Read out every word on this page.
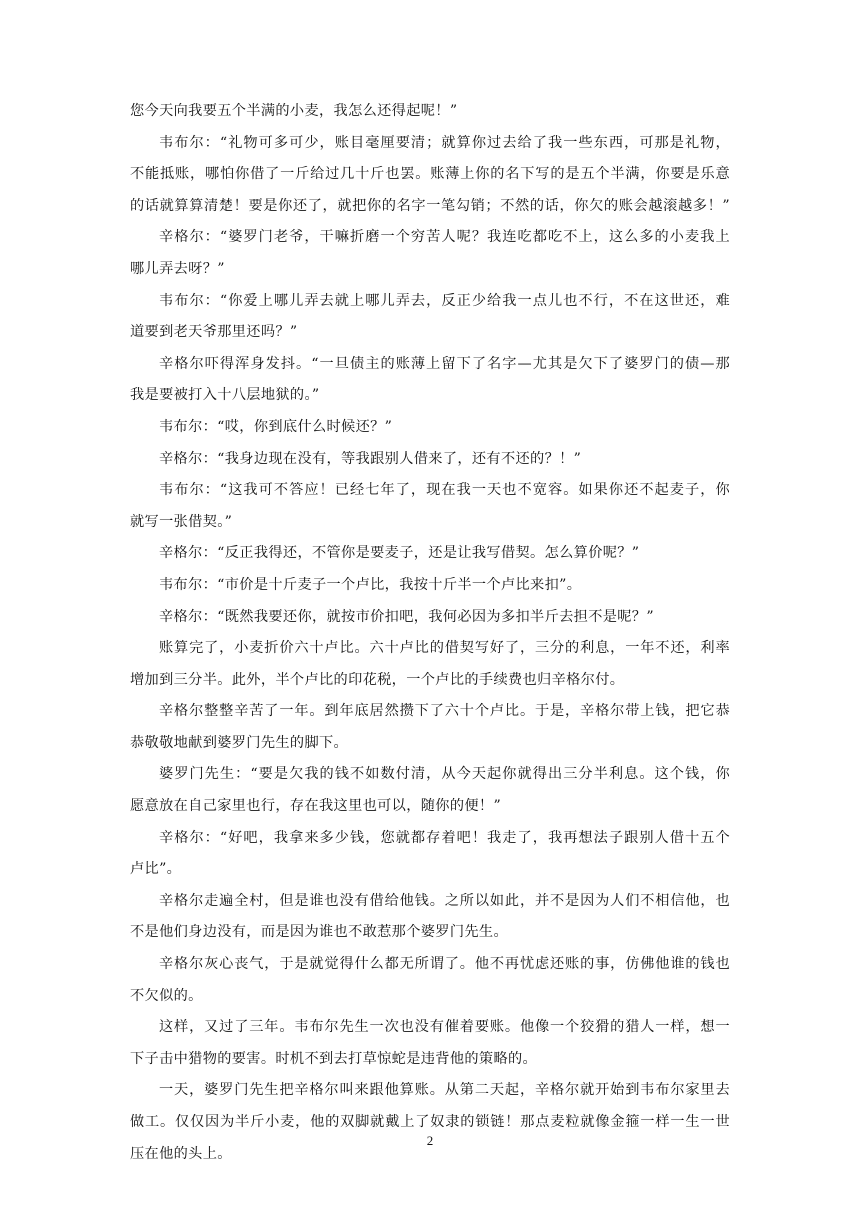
您今天向我要五个半满的小麦，我怎么还得起呢！”

韦布尔：“礼物可多可少，账目毫厘要清；就算你过去给了我一些东西，可那是礼物，

不能抵账，哪怕你借了一斤给过几十斤也罢。账薄上你的名下写的是五个半满，你要是乐意

的话就算算清楚！要是你还了，就把你的名字一笔勾销；不然的话，你欠的账会越滚越多！”

辛格尔：“婆罗门老爷，干嘛折磨一个穷苦人呢？我连吃都吃不上，这么多的小麦我上

哪儿弄去呀？”

韦布尔：“你爱上哪儿弄去就上哪儿弄去，反正少给我一点儿也不行，不在这世还，难

道要到老天爷那里还吗？”

辛格尔吓得浑身发抖。“一旦债主的账薄上留下了名字—尤其是欠下了婆罗门的债—那

我是要被打入十八层地狱的。”

韦布尔：“哎，你到底什么时候还？”

辛格尔：“我身边现在没有，等我跟别人借来了，还有不还的？！”

韦布尔：“这我可不答应！已经七年了，现在我一天也不宽容。如果你还不起麦子，你

就写一张借契。”

辛格尔：“反正我得还，不管你是要麦子，还是让我写借契。怎么算价呢？”

韦布尔：“市价是十斤麦子一个卢比，我按十斤半一个卢比来扣”。

辛格尔：“既然我要还你，就按市价扣吧，我何必因为多扣半斤去担不是呢？”

账算完了，小麦折价六十卢比。六十卢比的借契写好了，三分的利息，一年不还，利率

增加到三分半。此外，半个卢比的印花税，一个卢比的手续费也归辛格尔付。

辛格尔整整辛苦了一年。到年底居然攒下了六十个卢比。于是，辛格尔带上钱，把它恭

恭敬敬地献到婆罗门先生的脚下。

婆罗门先生：“要是欠我的钱不如数付清，从今天起你就得出三分半利息。这个钱，你

愿意放在自己家里也行，存在我这里也可以，随你的便！”

辛格尔：“好吧，我拿来多少钱，您就都存着吧！我走了，我再想法子跟别人借十五个

卢比”。

辛格尔走遍全村，但是谁也没有借给他钱。之所以如此，并不是因为人们不相信他，也

不是他们身边没有，而是因为谁也不敢惹那个婆罗门先生。

辛格尔灰心丧气，于是就觉得什么都无所谓了。他不再忧虑还账的事，仿佛他谁的钱也

不欠似的。

这样，又过了三年。韦布尔先生一次也没有催着要账。他像一个狡猾的猎人一样，想一

下子击中猎物的要害。时机不到去打草惊蛇是违背他的策略的。

一天，婆罗门先生把辛格尔叫来跟他算账。从第二天起，辛格尔就开始到韦布尔家里去

做工。仅仅因为半斤小麦，他的双脚就戴上了奴隶的锁链！那点麦粒就像金箍一样一生一世

压在他的头上。

2
